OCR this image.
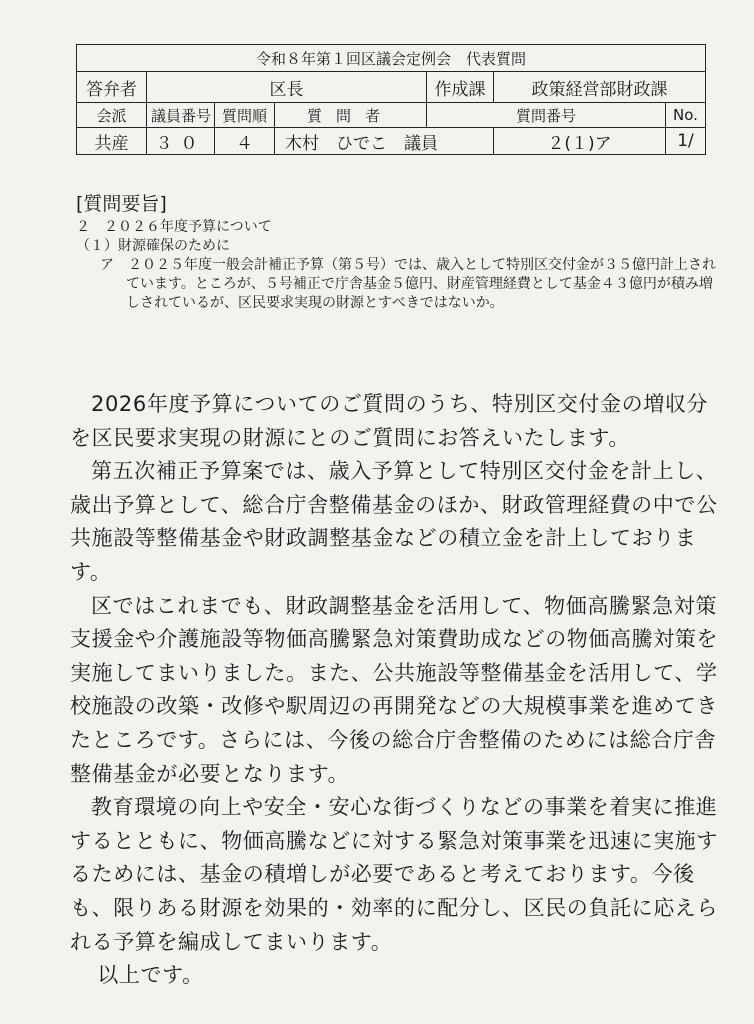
令和８年第１回区議会定例会　代表質問						
答弁者	区長			作成課	政策経営部財政課	
会派	議員番号	質問順	質問者	質問番号		No.
共産	３０	４	木村　ひでこ　議員		２(１)ア	1/
[質問要旨]
２　２０２６年度予算について
（１）財源確保のために
ア　２０２５年度一般会計補正予算（第５号）では、歳入として特別区交付金が３５億円計上されています。ところが、５号補正で庁舎基金５億円、財産管理経費として基金４３億円が積み増しされているが、区民要求実現の財源とすべきではないか。

2026年度予算についてのご質問のうち、特別区交付金の増収分を区民要求実現の財源にとのご質問にお答えいたします。

第五次補正予算案では、歳入予算として特別区交付金を計上し、歳出予算として、総合庁舎整備基金のほか、財政管理経費の中で公共施設等整備基金や財政調整基金などの積立金を計上しております。

区ではこれまでも、財政調整基金を活用して、物価高騰緊急対策支援金や介護施設等物価高騰緊急対策費助成などの物価高騰対策を実施してまいりました。また、公共施設等整備基金を活用して、学校施設の改築・改修や駅周辺の再開発などの大規模事業を進めてきたところです。さらには、今後の総合庁舎整備のためには総合庁舎整備基金が必要となります。

教育環境の向上や安全・安心な街づくりなどの事業を着実に推進するとともに、物価高騰などに対する緊急対策事業を迅速に実施するためには、基金の積増しが必要であると考えております。今後も、限りある財源を効果的・効率的に配分し、区民の負託に応えられる予算を編成してまいります。

以上です。
